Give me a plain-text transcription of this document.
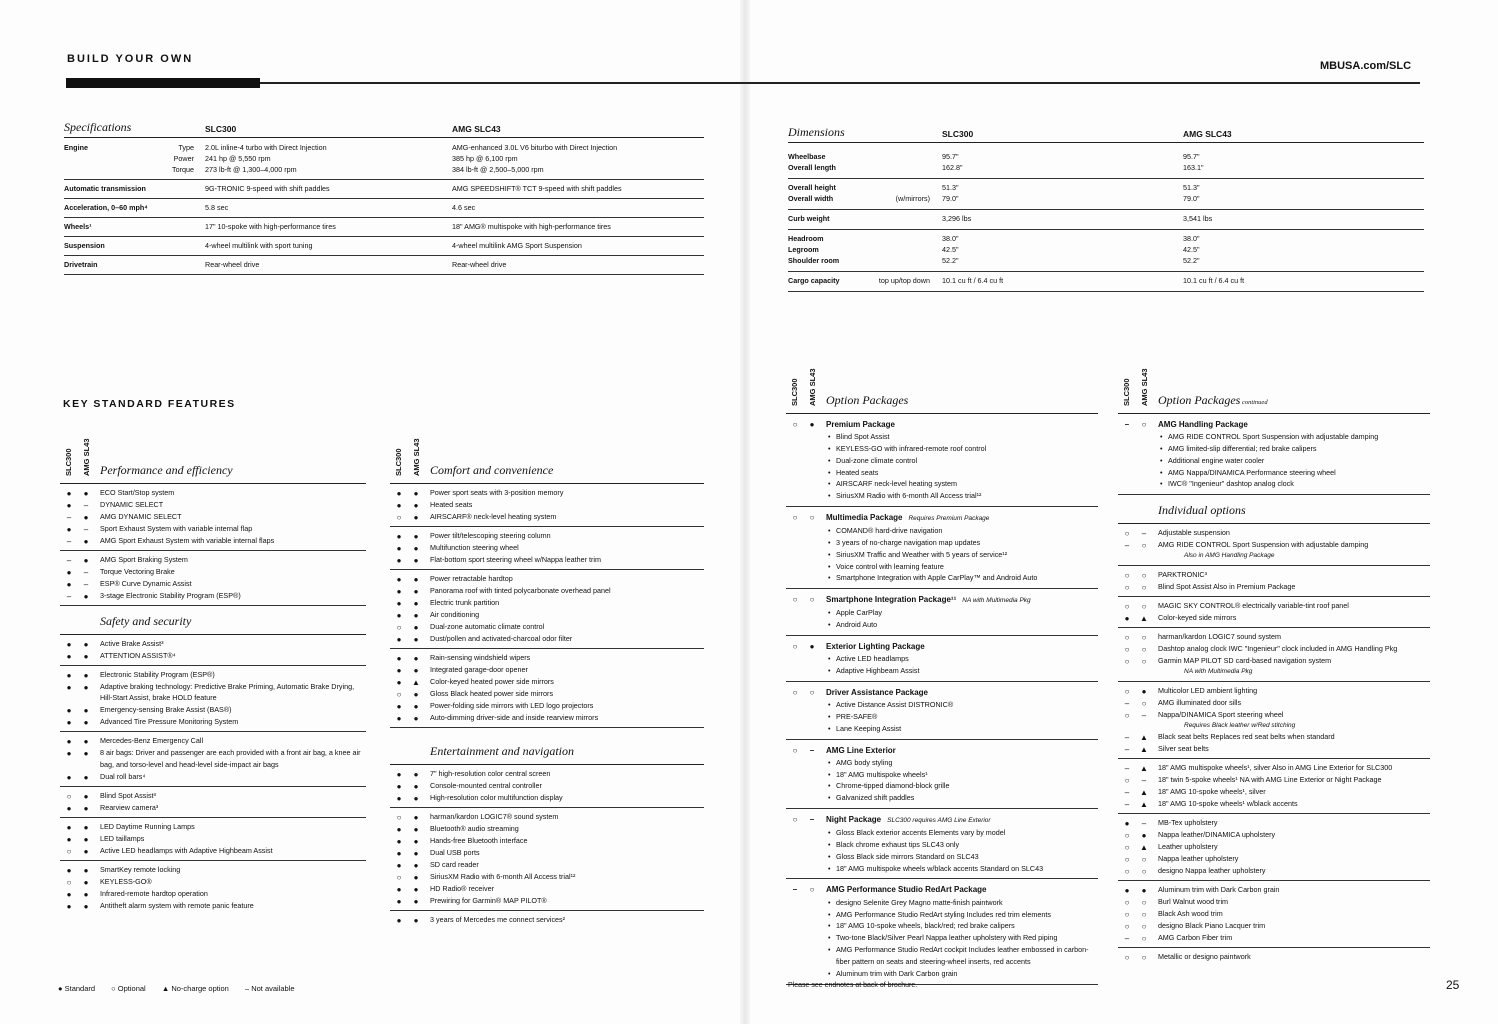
BUILD YOUR OWN
MBUSA.com/SLC
Specifications	SLC300	AMG SLC43
Engine	Type 2.0L inline-4 turbo with Direct Injection	AMG-enhanced 3.0L V6 biturbo with Direct Injection
Power 241 hp @ 5,550 rpm	385 hp @ 6,100 rpm
Torque 273 lb-ft @ 1,300–4,000 rpm	384 lb-ft @ 2,500–5,000 rpm
Automatic transmission	9G-TRONIC 9-speed with shift paddles	AMG SPEEDSHIFT® TCT 9-speed with shift paddles
Acceleration, 0–60 mph⁴	5.8 sec	4.6 sec
Wheels¹	17" 10-spoke with high-performance tires	18" AMG® multispoke with high-performance tires
Suspension	4-wheel multilink with sport tuning	4-wheel multilink AMG Sport Suspension
Drivetrain	Rear-wheel drive	Rear-wheel drive
Dimensions	SLC300	AMG SLC43
Wheelbase	95.7"	95.7"
Overall length	162.8"	163.1"
Overall height	51.3"	51.3"
Overall width	(w/mirrors) 79.0"	79.0"
Curb weight	3,296 lbs	3,541 lbs
Headroom	38.0"	38.0"
Legroom	42.5"	42.5"
Shoulder room	52.2"	52.2"
Cargo capacity	top up/top down 10.1 cu ft / 6.4 cu ft	10.1 cu ft / 6.4 cu ft
KEY STANDARD FEATURES
SLC300 AMG SL43	SLC300 AMG SL43
SLC300 AMG SL43	SLC300 AMG SL43
Performance and efficiency
●	●	ECO Start/Stop system
●	–	DYNAMIC SELECT
–	●	AMG DYNAMIC SELECT
●	–	Sport Exhaust System with variable internal flap
–	●	AMG Sport Exhaust System with variable internal flaps
–	●	AMG Sport Braking System
●	–	Torque Vectoring Brake
●	–	ESP® Curve Dynamic Assist
–	●	3-stage Electronic Stability Program (ESP®)
Safety and security
●	●	Active Brake Assist³
●	●	ATTENTION ASSIST®⁴
●	●	Electronic Stability Program (ESP®)
●	●	Adaptive braking technology: Predictive Brake Priming, Automatic Brake Drying, Hill-Start Assist, brake HOLD feature
●	●	Emergency-sensing Brake Assist (BAS®)
●	●	Advanced Tire Pressure Monitoring System
●	●	Mercedes-Benz Emergency Call
●	●	8 air bags: Driver and passenger are each provided with a front air bag, a knee air bag, and torso-level and head-level side-impact air bags
●	●	Dual roll bars⁴
○	●	Blind Spot Assist³
●	●	Rearview camera³
●	●	LED Daytime Running Lamps
●	●	LED taillamps
○	●	Active LED headlamps with Adaptive Highbeam Assist
●	●	SmartKey remote locking
○	●	KEYLESS-GO®
●	●	Infrared-remote hardtop operation
●	●	Antitheft alarm system with remote panic feature
Comfort and convenience
●	●	Power sport seats with 3-position memory
●	●	Heated seats
○	●	AIRSCARF® neck-level heating system
●	●	Power tilt/telescoping steering column
●	●	Multifunction steering wheel
●	●	Flat-bottom sport steering wheel w/Nappa leather trim
●	●	Power retractable hardtop
●	●	Panorama roof with tinted polycarbonate overhead panel
●	●	Electric trunk partition
●	●	Air conditioning
○	●	Dual-zone automatic climate control
●	●	Dust/pollen and activated-charcoal odor filter
●	●	Rain-sensing windshield wipers
●	●	Integrated garage-door opener
●	▲ Color-keyed heated power side mirrors
○	●	Gloss Black heated power side mirrors
●	●	Power-folding side mirrors with LED logo projectors
●	●	Auto-dimming driver-side and inside rearview mirrors
Entertainment and navigation
●	●	7" high-resolution color central screen
●	●	Console-mounted central controller
●	●	High-resolution color multifunction display
○	●	harman/kardon LOGIC7® sound system
●	●	Bluetooth® audio streaming
●	●	Hands-free Bluetooth interface
●	●	Dual USB ports
●	●	SD card reader
○	●	SiriusXM Radio with 6-month All Access trial¹²
●	●	HD Radio® receiver
●	●	Prewiring for Garmin® MAP PILOT®
●	●	3 years of Mercedes me connect services²
Option Packages
○	●	Premium Package
• Blind Spot Assist
• KEYLESS-GO with infrared-remote roof control
• Dual-zone climate control
• Heated seats
• AIRSCARF neck-level heating system
• SiriusXM Radio with 6-month All Access trial¹²
○	○	Multimedia Package Requires Premium Package
• COMAND® hard-drive navigation
• 3 years of no-charge navigation map updates
• SiriusXM Traffic and Weather with 5 years of service¹²
• Voice control with learning feature
• Smartphone Integration with Apple CarPlay™ and Android Auto
○	○	Smartphone Integration Package¹¹ NA with Multimedia Pkg
• Apple CarPlay
• Android Auto
○	●	Exterior Lighting Package
• Active LED headlamps
• Adaptive Highbeam Assist
○	○	Driver Assistance Package
• Active Distance Assist DISTRONIC®
• PRE-SAFE®
• Lane Keeping Assist
○	–	AMG Line Exterior
• AMG body styling
• 18" AMG multispoke wheels¹
• Chrome-tipped diamond-block grille
• Galvanized shift paddles
○	–	Night Package SLC300 requires AMG Line Exterior
• Gloss Black exterior accents Elements vary by model
• Black chrome exhaust tips SLC43 only
• Gloss Black side mirrors Standard on SLC43
• 18" AMG multispoke wheels w/black accents Standard on SLC43
–	○	AMG Performance Studio RedArt Package
• designo Selenite Grey Magno matte-finish paintwork
• AMG Performance Studio RedArt styling Includes red trim elements
• 18" AMG 10-spoke wheels, black/red; red brake calipers
• Two-tone Black/Silver Pearl Nappa leather upholstery with Red piping
• AMG Performance Studio RedArt cockpit Includes leather embossed in carbon-fiber pattern on seats and steering-wheel inserts, red accents
• Aluminum trim with Dark Carbon grain
Option Packages continued
–	○	AMG Handling Package
• AMG RIDE CONTROL Sport Suspension with adjustable damping
• AMG limited-slip differential; red brake calipers
• Additional engine water cooler
• AMG Nappa/DINAMICA Performance steering wheel
• IWC® "Ingenieur" dashtop analog clock
Individual options
○	–	Adjustable suspension
–	○	AMG RIDE CONTROL Sport Suspension with adjustable damping
Also in AMG Handling Package
○	○	PARKTRONIC³
○	○	Blind Spot Assist Also in Premium Package
○	○	MAGIC SKY CONTROL® electrically variable-tint roof panel
●	▲ Color-keyed side mirrors
○	○	harman/kardon LOGIC7 sound system
○	○	Dashtop analog clock IWC "Ingenieur" clock included in AMG Handling Pkg
○	○	Garmin MAP PILOT SD card-based navigation system
NA with Multimedia Pkg
○	●	Multicolor LED ambient lighting
–	○	AMG illuminated door sills
○	–	Nappa/DINAMICA Sport steering wheel
Requires Black leather w/Red stitching
–	▲ Black seat belts Replaces red seat belts when standard
–	▲ Silver seat belts
–	▲ 18" AMG multispoke wheels¹, silver Also in AMG Line Exterior for SLC300
○	–	18" twin 5-spoke wheels¹ NA with AMG Line Exterior or Night Package
–	▲ 18" AMG 10-spoke wheels¹, silver
–	▲ 18" AMG 10-spoke wheels¹ w/black accents
●	–	MB-Tex upholstery
○	●	Nappa leather/DINAMICA upholstery
○	▲ Leather upholstery
○	○	Nappa leather upholstery
○	○	designo Nappa leather upholstery
●	●	Aluminum trim with Dark Carbon grain
○	○	Burl Walnut wood trim
○	○	Black Ash wood trim
○	○	designo Black Piano Lacquer trim
–	○	AMG Carbon Fiber trim
○	○	Metallic or designo paintwork
● Standard ○ Optional ▲ No-charge option – Not available	Please see endnotes at back of brochure.	25
